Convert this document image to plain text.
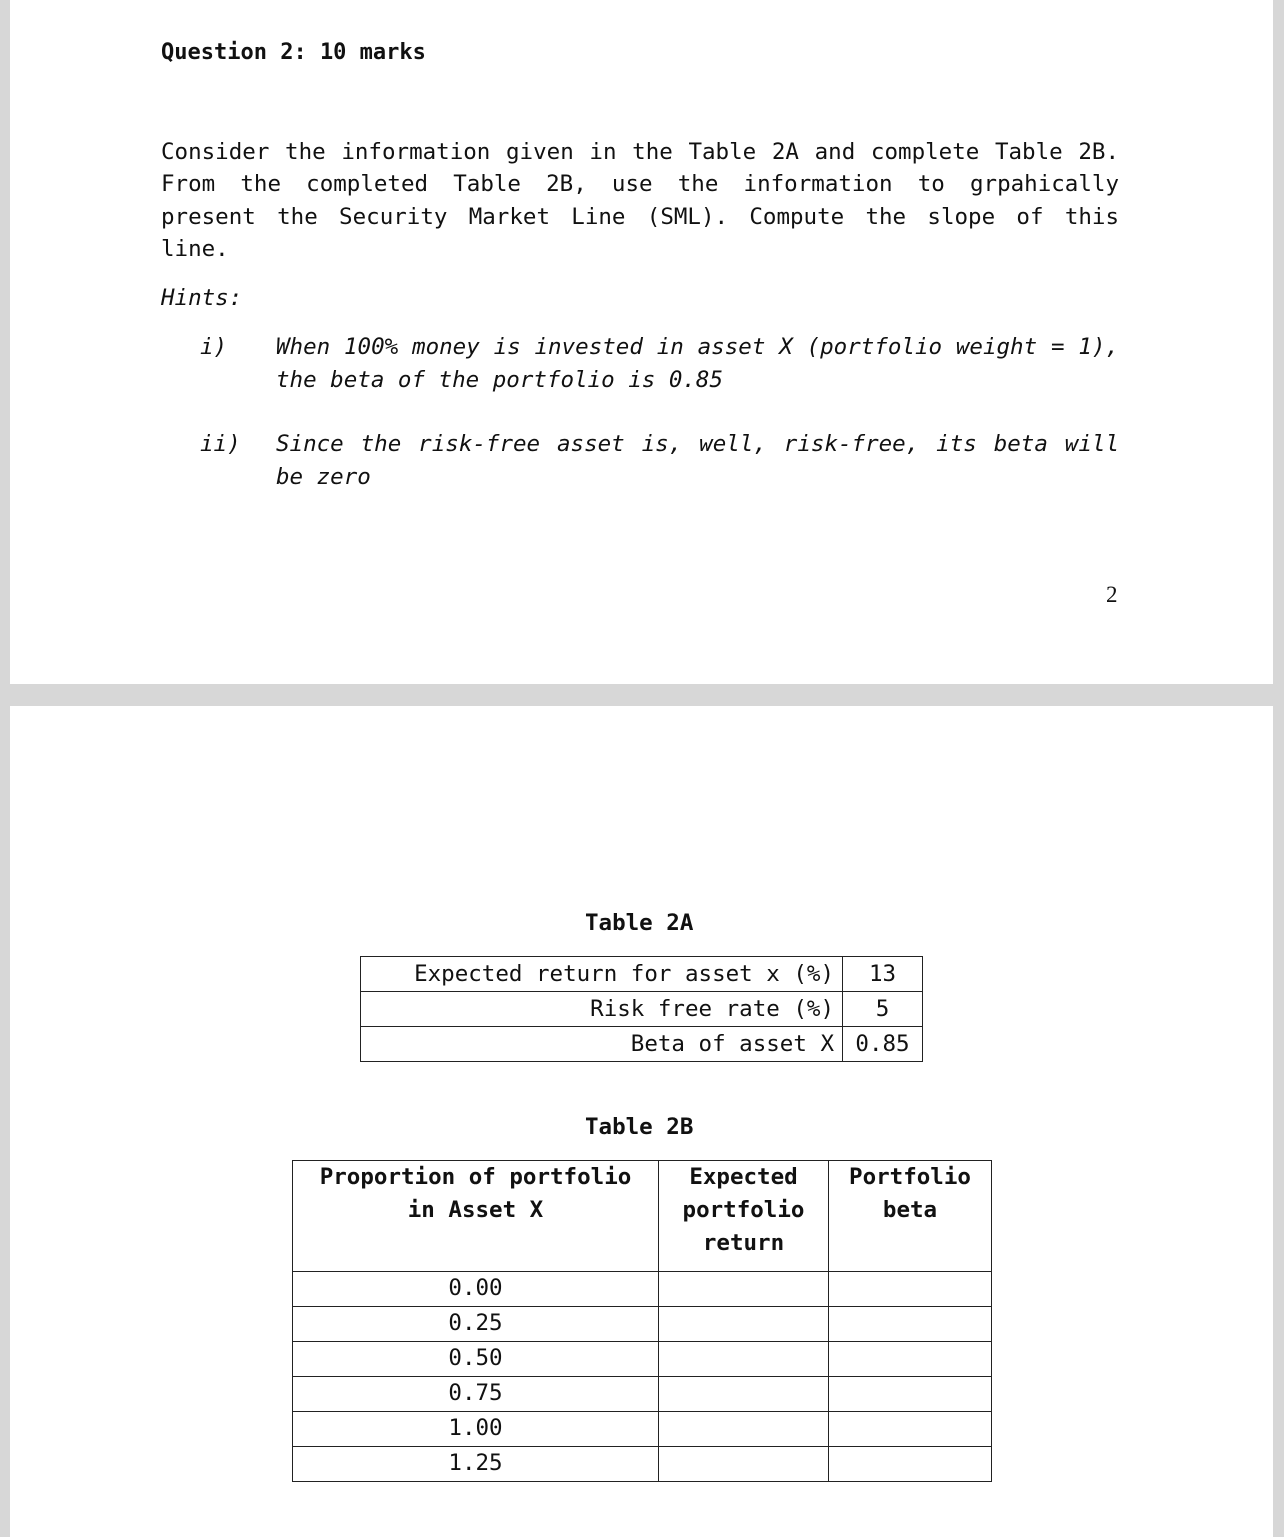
Question 2: 10 marks
Consider the information given in the Table 2A and complete Table 2B. From the completed Table 2B, use the information to grpahically present the Security Market Line (SML). Compute the slope of this line.
Hints:
i) When 100% money is invested in asset X (portfolio weight = 1), the beta of the portfolio is 0.85
ii) Since the risk-free asset is, well, risk-free, its beta will be zero
2
Table 2A
Expected return for asset x (%)	13
Risk free rate (%)	5
Beta of asset X	0.85
Table 2B
Proportion of portfolio in Asset X	Expected portfolio return	Portfolio beta
0.00		
0.25		
0.50		
0.75		
1.00		
1.25		
